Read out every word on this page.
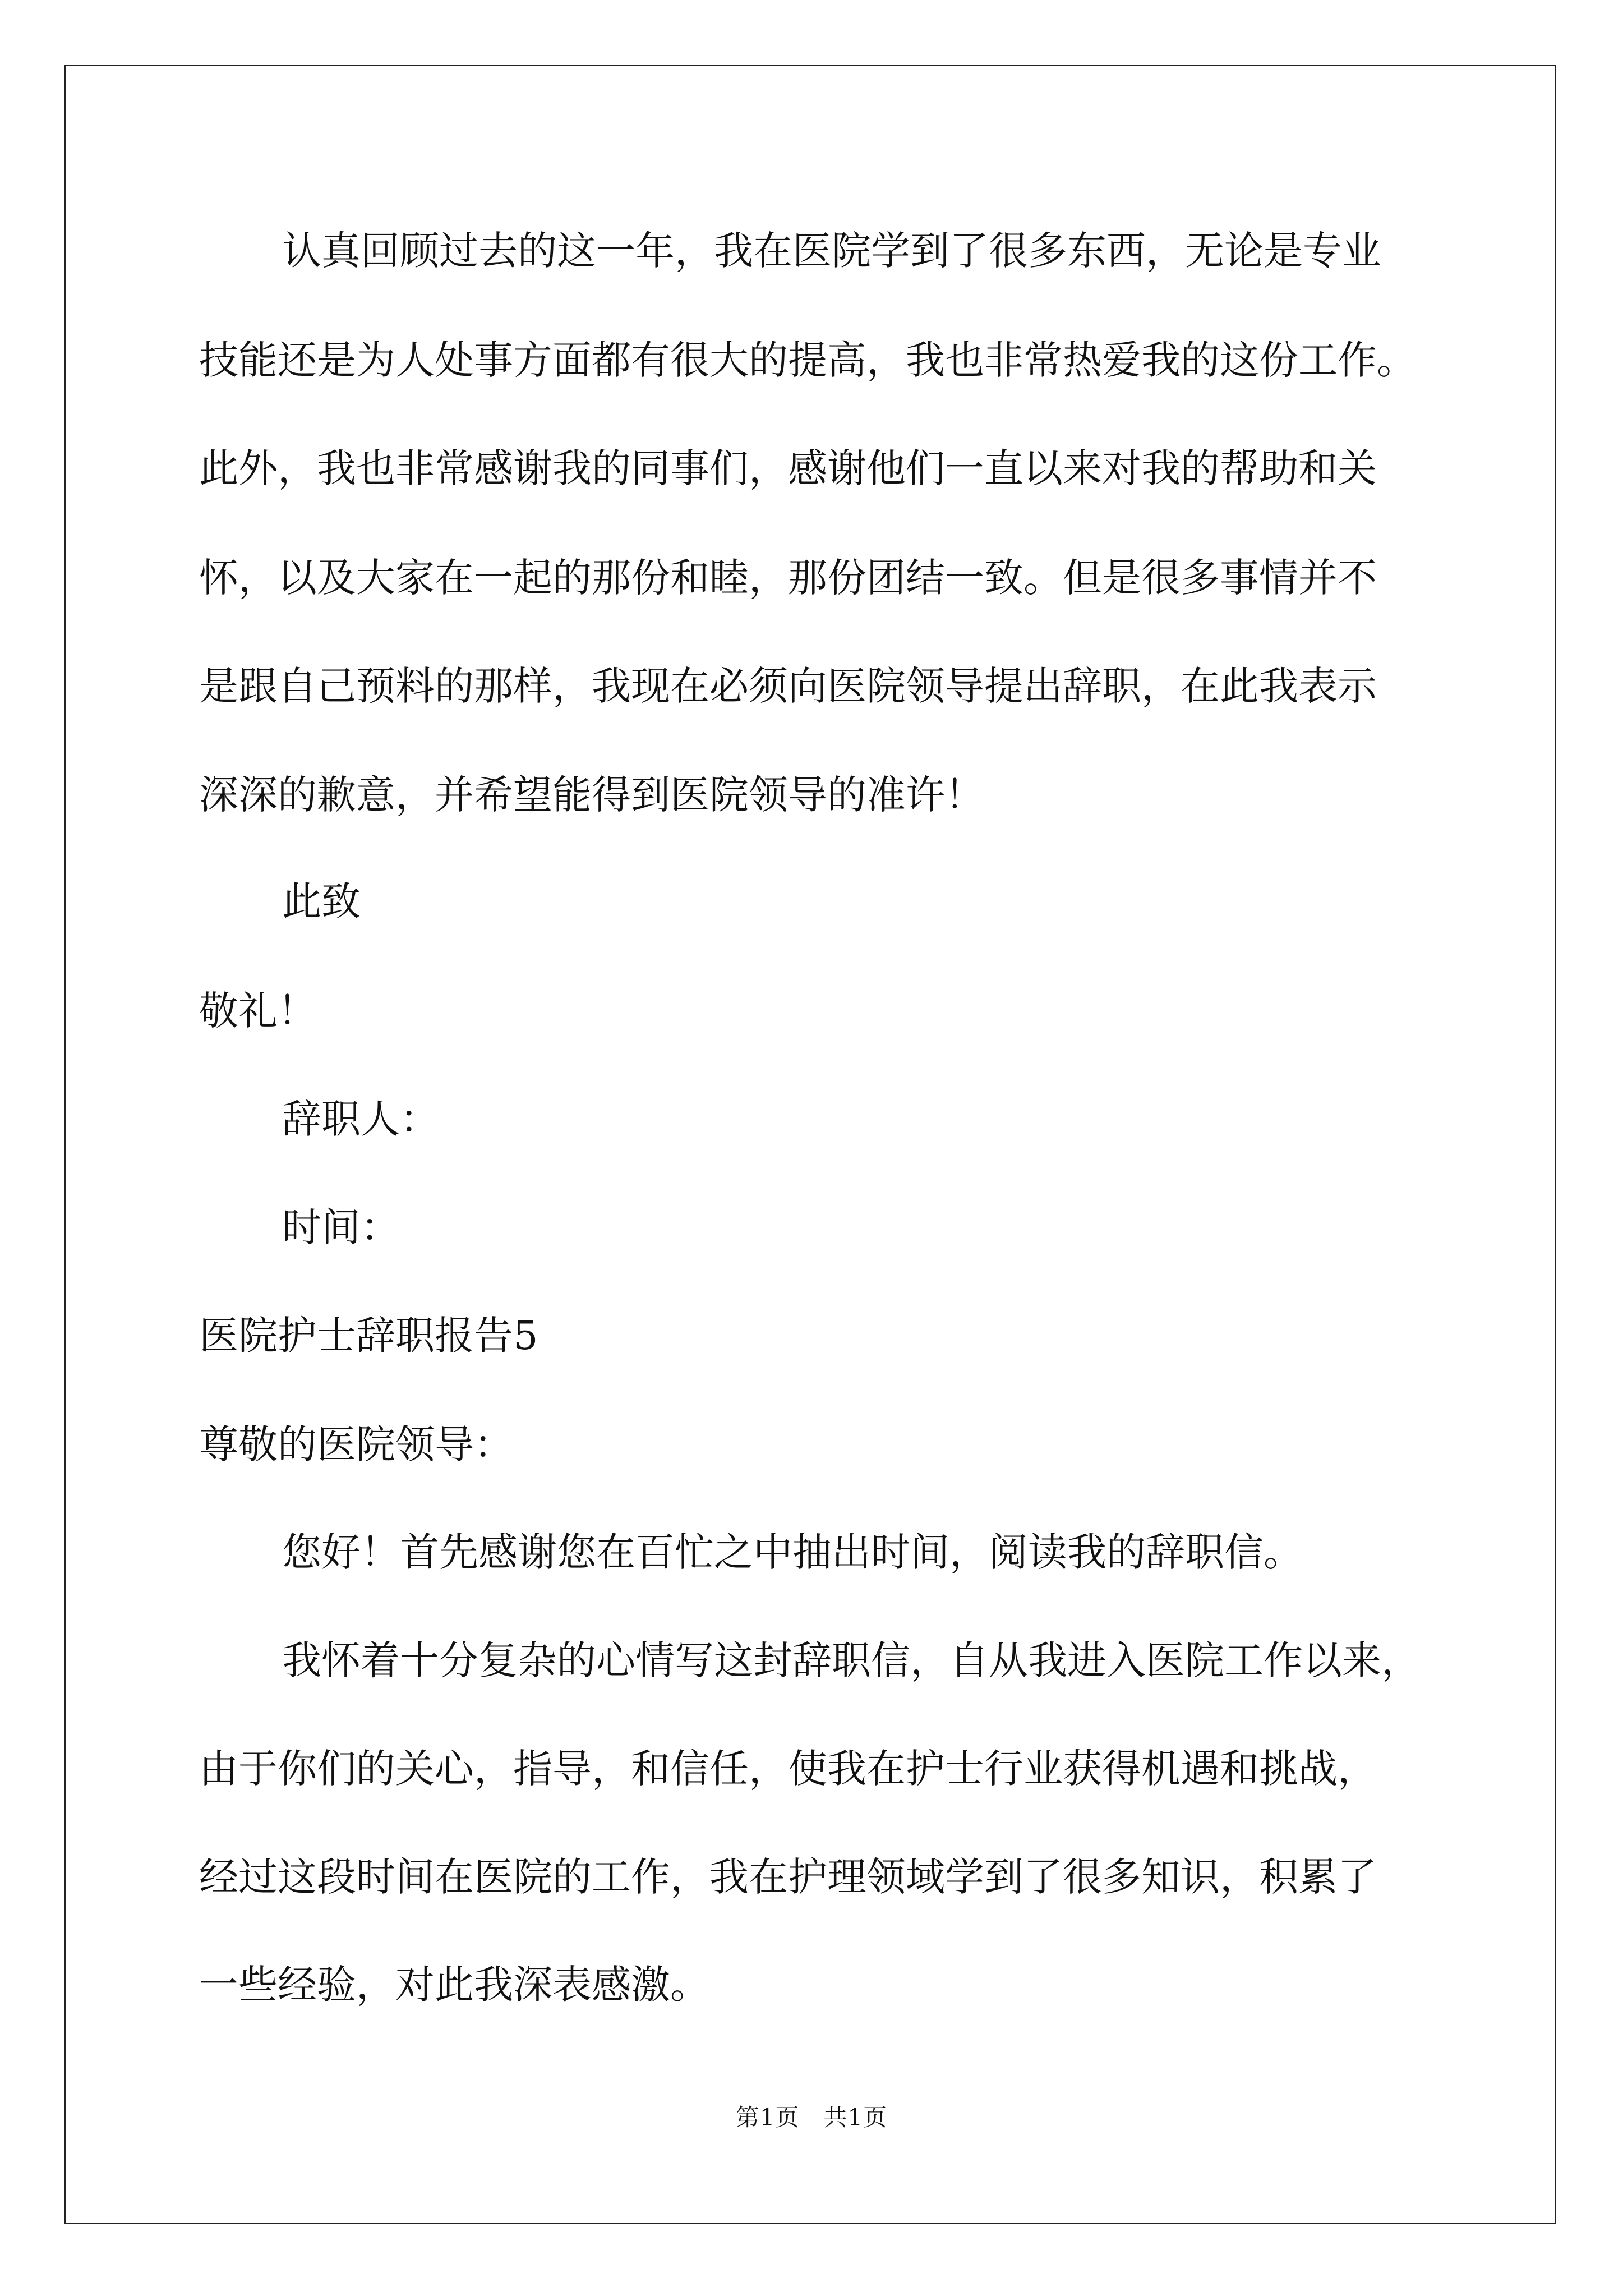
认真回顾过去的这一年，我在医院学到了很多东西，无论是专业
技能还是为人处事方面都有很大的提高，我也非常热爱我的这份工作。
此外，我也非常感谢我的同事们，感谢他们一直以来对我的帮助和关
怀，以及大家在一起的那份和睦，那份团结一致。但是很多事情并不
是跟自己预料的那样，我现在必须向医院领导提出辞职，在此我表示
深深的歉意，并希望能得到医院领导的准许！
此致
敬礼！
辞职人：
时间：
医院护士辞职报告5
尊敬的医院领导：
您好！首先感谢您在百忙之中抽出时间，阅读我的辞职信。
我怀着十分复杂的心情写这封辞职信，自从我进入医院工作以来，
由于你们的关心，指导，和信任，使我在护士行业获得机遇和挑战，
经过这段时间在医院的工作，我在护理领域学到了很多知识，积累了
一些经验，对此我深表感激。
第1页   共1页
